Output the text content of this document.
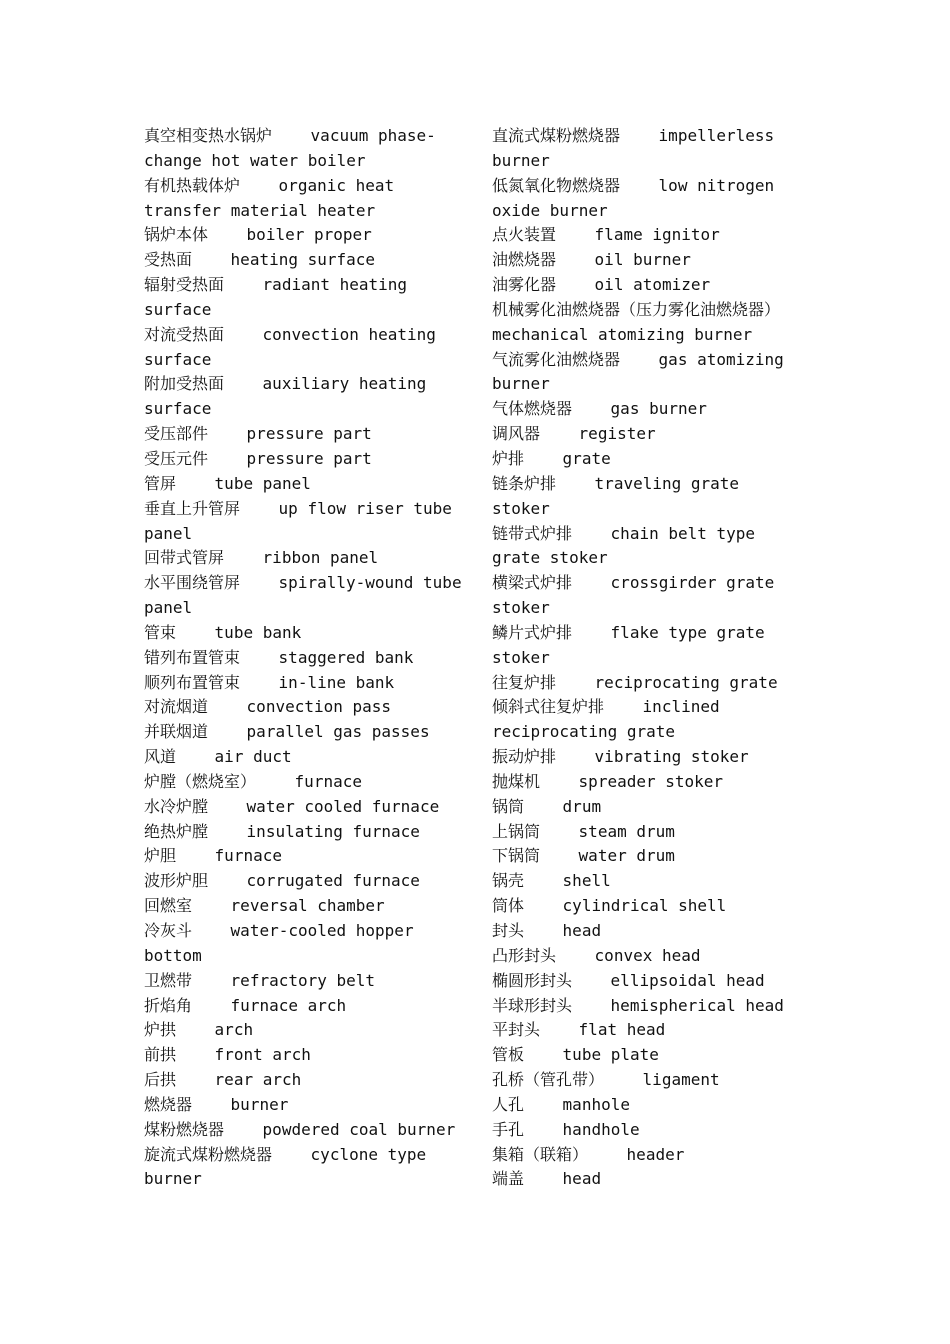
真空相变热水锅炉 vacuum phase-change hot water boiler
有机热载体炉 organic heat transfer material heater
锅炉本体 boiler proper
受热面 heating surface
辐射受热面 radiant heating surface
对流受热面 convection heating surface
附加受热面 auxiliary heating surface
受压部件 pressure part
受压元件 pressure part
管屏 tube panel
垂直上升管屏 up flow riser tube panel
回带式管屏 ribbon panel
水平围绕管屏 spirally-wound tube panel
管束 tube bank
错列布置管束 staggered bank
顺列布置管束 in-line bank
对流烟道 convection pass
并联烟道 parallel gas passes
风道 air duct
炉膛（燃烧室） furnace
水冷炉膛 water cooled furnace
绝热炉膛 insulating furnace
炉胆 furnace
波形炉胆 corrugated furnace
回燃室 reversal chamber
冷灰斗 water-cooled hopper bottom
卫燃带 refractory belt
折焰角 furnace arch
炉拱 arch
前拱 front arch
后拱 rear arch
燃烧器 burner
煤粉燃烧器 powdered coal burner
旋流式煤粉燃烧器 cyclone type burner
直流式煤粉燃烧器 impellerless burner
低氮氧化物燃烧器 low nitrogen oxide burner
点火装置 flame ignitor
油燃烧器 oil burner
油雾化器 oil atomizer
机械雾化油燃烧器（压力雾化油燃烧器）    mechanical atomizing burner
气流雾化油燃烧器 gas atomizing burner
气体燃烧器 gas burner
调风器 register
炉排 grate
链条炉排 traveling grate stoker
链带式炉排 chain belt type grate stoker
横梁式炉排 crossgirder grate stoker
鳞片式炉排 flake type grate stoker
往复炉排 reciprocating grate
倾斜式往复炉排 inclined reciprocating grate
振动炉排 vibrating stoker
抛煤机 spreader stoker
锅筒 drum
上锅筒 steam drum
下锅筒 water drum
锅壳 shell
筒体 cylindrical shell
封头 head
凸形封头 convex head
椭圆形封头 ellipsoidal head
半球形封头 hemispherical head
平封头 flat head
管板 tube plate
孔桥（管孔带） ligament
人孔 manhole
手孔 handhole
集箱（联箱） header
端盖 head
